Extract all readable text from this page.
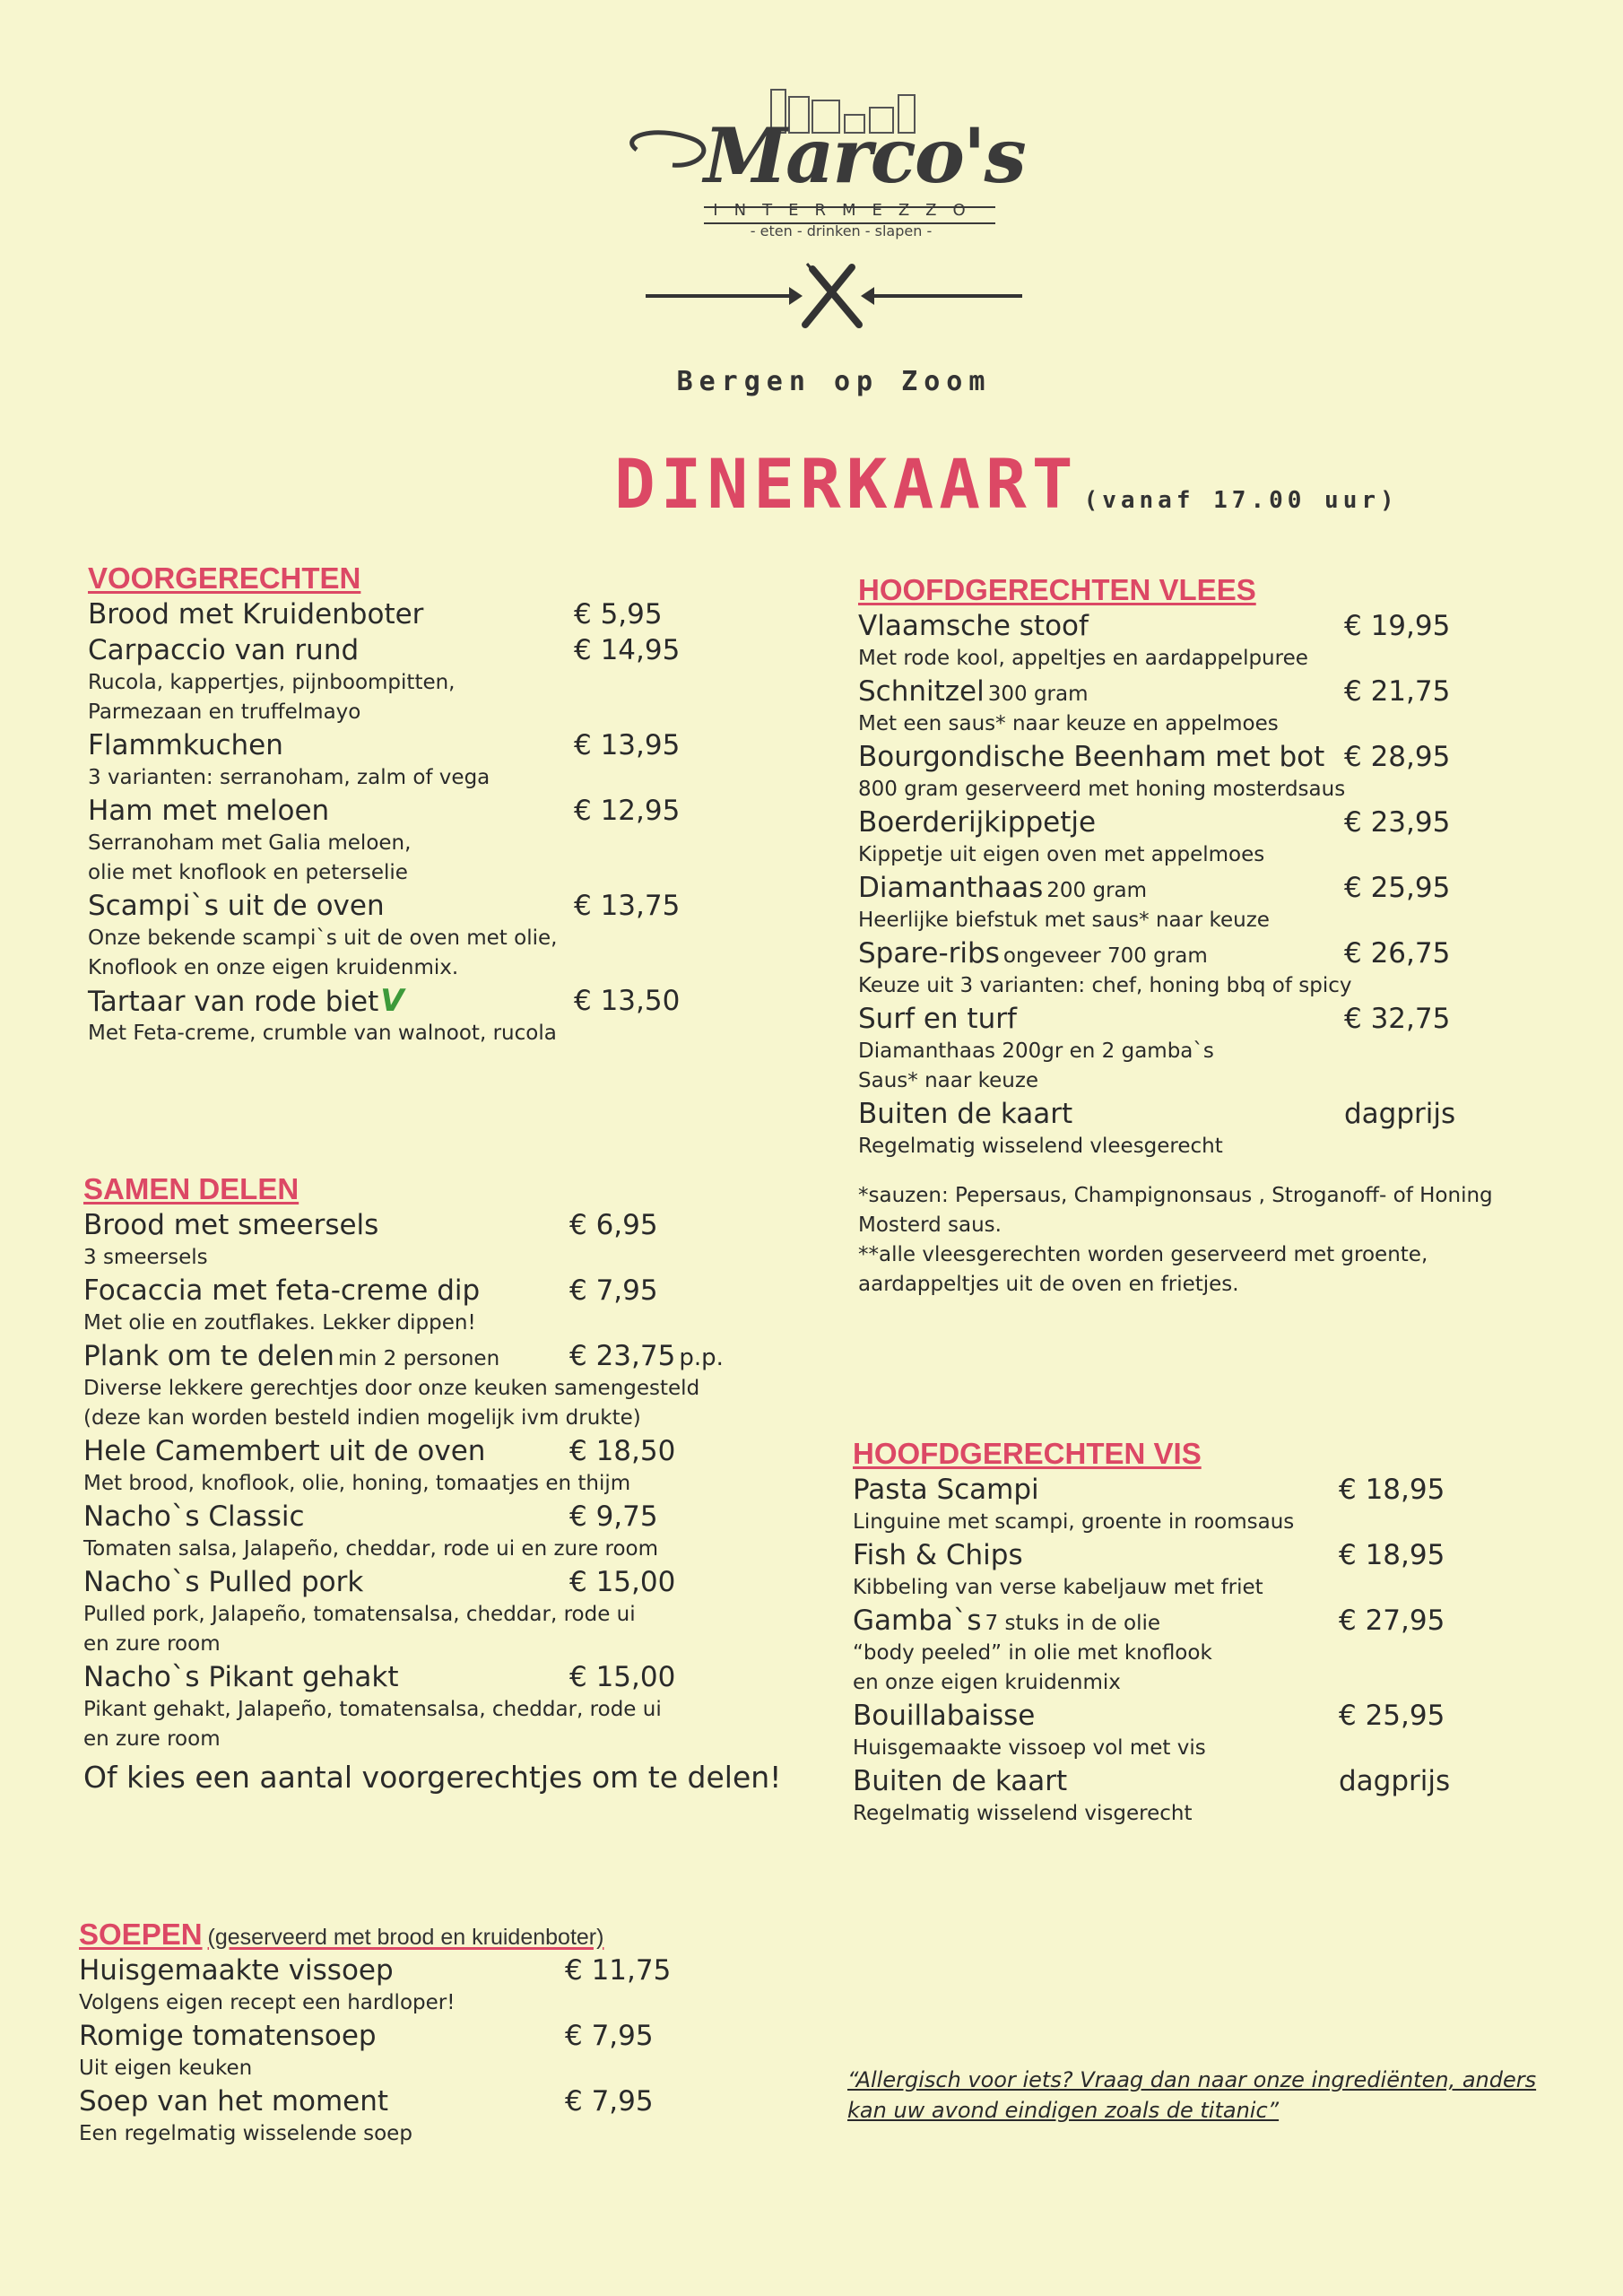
Marco's
INTERMEZZO
- eten - drinken - slapen -
Bergen op Zoom
DINERKAART (vanaf 17.00 uur)
VOORGERECHTEN
Brood met Kruidenboter	€ 5,95
Carpaccio van rund	€ 14,95
Rucola, kappertjes, pijnboompitten,
Parmezaan en truffelmayo
Flammkuchen	€ 13,95
3 varianten: serranoham, zalm of vega
Ham met meloen	€ 12,95
Serranoham met Galia meloen,
olie met knoflook en peterselie
Scampi`s uit de oven	€ 13,75
Onze bekende scampi`s uit de oven met olie,
Knoflook en onze eigen kruidenmix.
Tartaar van rode bietV	€ 13,50
Met Feta-creme, crumble van walnoot, rucola
SAMEN DELEN
Brood met smeersels	€ 6,95
3 smeersels
Focaccia met feta-creme dip	€ 7,95
Met olie en zoutflakes. Lekker dippen!
Plank om te delen min 2 personen	€ 23,75 p.p.
Diverse lekkere gerechtjes door onze keuken samengesteld
(deze kan worden besteld indien mogelijk ivm drukte)
Hele Camembert uit de oven	€ 18,50
Met brood, knoflook, olie, honing, tomaatjes en thijm
Nacho`s Classic	€ 9,75
Tomaten salsa, Jalapeño, cheddar, rode ui en zure room
Nacho`s Pulled pork	€ 15,00
Pulled pork, Jalapeño, tomatensalsa, cheddar, rode ui
en zure room
Nacho`s Pikant gehakt	€ 15,00
Pikant gehakt, Jalapeño, tomatensalsa, cheddar, rode ui
en zure room
Of kies een aantal voorgerechtjes om te delen!
SOEPEN (geserveerd met brood en kruidenboter)
Huisgemaakte vissoep	€ 11,75
Volgens eigen recept een hardloper!
Romige tomatensoep	€ 7,95
Uit eigen keuken
Soep van het moment	€ 7,95
Een regelmatig wisselende soep
HOOFDGERECHTEN VLEES
Vlaamsche stoof	€ 19,95
Met rode kool, appeltjes en aardappelpuree
Schnitzel 300 gram	€ 21,75
Met een saus* naar keuze en appelmoes
Bourgondische Beenham met bot € 28,95
800 gram geserveerd met honing mosterdsaus
Boerderijkippetje	€ 23,95
Kippetje uit eigen oven met appelmoes
Diamanthaas 200 gram	€ 25,95
Heerlijke biefstuk met saus* naar keuze
Spare-ribs ongeveer 700 gram	€ 26,75
Keuze uit 3 varianten: chef, honing bbq of spicy
Surf en turf	€ 32,75
Diamanthaas 200gr en 2 gamba`s
Saus* naar keuze
Buiten de kaart	dagprijs
Regelmatig wisselend vleesgerecht
*sauzen: Pepersaus, Champignonsaus , Stroganoff- of Honing
Mosterd saus.
**alle vleesgerechten worden geserveerd met groente,
aardappeltjes uit de oven en frietjes.
HOOFDGERECHTEN VIS
Pasta Scampi	€ 18,95
Linguine met scampi, groente in roomsaus
Fish & Chips	€ 18,95
Kibbeling van verse kabeljauw met friet
Gamba`s 7 stuks in de olie	€ 27,95
“body peeled” in olie met knoflook
en onze eigen kruidenmix
Bouillabaisse	€ 25,95
Huisgemaakte vissoep vol met vis
Buiten de kaart	dagprijs
Regelmatig wisselend visgerecht
“Allergisch voor iets? Vraag dan naar onze ingrediënten, anders
kan uw avond eindigen zoals de titanic”
